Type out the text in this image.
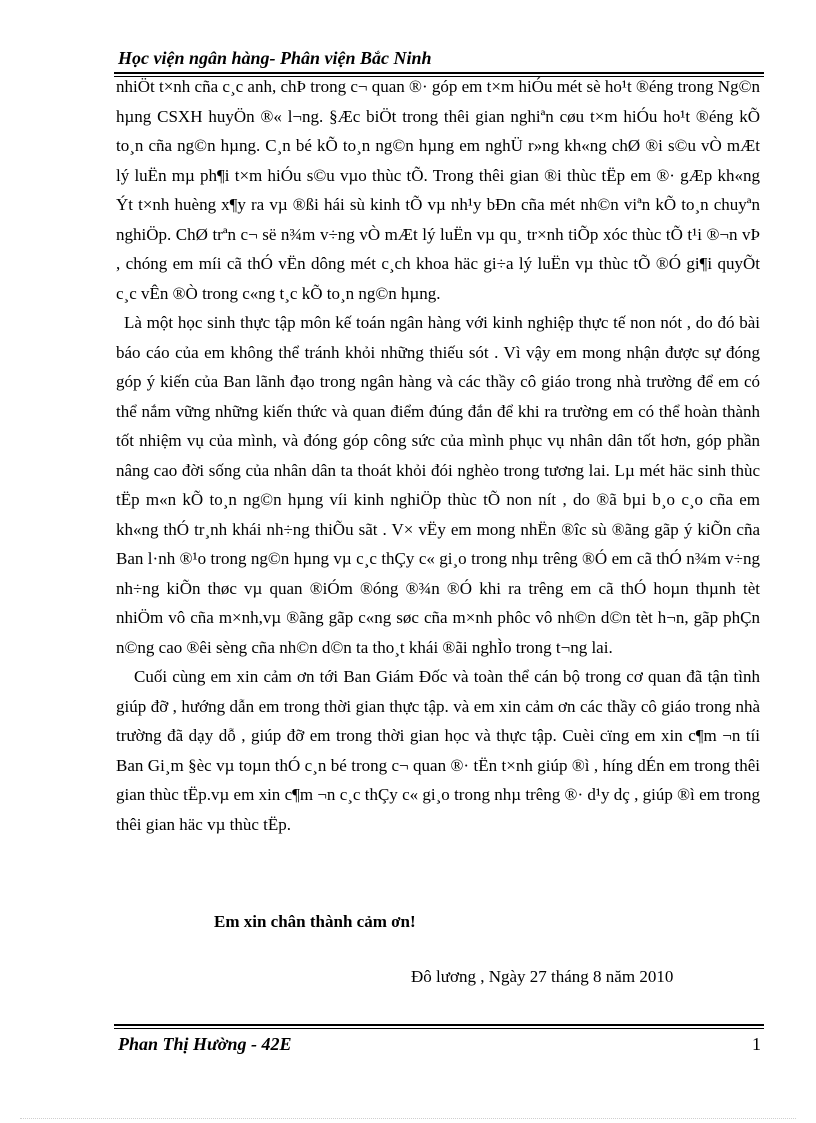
Học viện ngân hàng- Phân viện Bắc Ninh

nhiÖt t×nh cña c¸c anh, chÞ trong c¬ quan ®· góp em t×m hiÓu mét sè ho¹t ®éng trong Ng©n hµng CSXH huyÖn ®« l¬ng. §Æc biÖt trong thêi gian nghiªn cøu t×m hiÓu ho¹t ®éng kÕ to¸n cña ng©n hµng. C¸n bé kÕ to¸n ng©n hµng em nghÜ r»ng kh«ng chØ ®i s©u vÒ mÆt lý luËn mµ ph¶i t×m hiÓu s©u vµo thùc tÕ. Trong thêi gian ®i thùc tËp em ®· gÆp kh«ng Ýt t×nh huèng x¶y ra vµ ®ßi hái sù kinh tÕ vµ nh¹y bÐn cña mét nh©n viªn kÕ to¸n chuyªn nghiÖp. ChØ trªn c¬ së n¾m v÷ng vÒ mÆt lý luËn vµ qu¸ tr×nh tiÕp xóc thùc tÕ t¹i ®¬n vÞ , chóng em míi cã thÓ vËn dông mét c¸ch khoa häc gi÷a lý luËn vµ thùc tÕ ®Ó gi¶i quyÕt c¸c vÊn ®Ò trong c«ng t¸c kÕ to¸n ng©n hµng.

Là một học sinh thực tập môn kế toán ngân hàng với kinh nghiệp thực tế non nót , do đó bài báo cáo của em không thể tránh khỏi những thiếu sót . Vì vậy em mong nhận được sự đóng góp ý kiến của Ban lãnh đạo trong ngân hàng và các thầy cô giáo trong nhà trường để em có thể nắm vững những kiến thức và quan điểm đúng đắn để khi ra trường em có thể hoàn thành tốt nhiệm vụ của mình, và đóng góp công sức của mình phục vụ nhân dân tốt hơn, góp phần nâng cao đời sống của nhân dân ta thoát khỏi đói nghèo trong tương lai. Lµ mét häc sinh thùc tËp m«n kÕ to¸n ng©n hµng víi kinh nghiÖp thùc tÕ non nít , do ®ã bµi b¸o c¸o cña em kh«ng thÓ tr¸nh khái nh÷ng thiÕu sãt . V× vËy em mong nhËn ®îc sù ®ãng gãp ý kiÕn cña Ban l·nh ®¹o trong ng©n hµng vµ c¸c thÇy c« gi¸o trong nhµ trêng ®Ó em cã thÓ n¾m v÷ng nh÷ng kiÕn thøc vµ quan ®iÓm ®óng ®¾n ®Ó khi ra trêng em cã thÓ hoµn thµnh tèt nhiÖm vô cña m×nh,vµ ®ãng gãp c«ng søc cña m×nh phôc vô nh©n d©n tèt h¬n, gãp phÇn n©ng cao ®êi sèng cña nh©n d©n ta tho¸t khái ®ãi nghÌo trong t¬ng lai.

Cuối cùng em xin cảm ơn tới Ban Giám Đốc và toàn thể cán bộ trong cơ quan đã tận tình giúp đỡ , hướng dẫn em trong thời gian thực tập. và em xin cảm ơn các thầy cô giáo trong nhà trường đã dạy dỗ , giúp đỡ em trong thời gian học và thực tập. Cuèi cïng em xin c¶m ¬n tíi Ban Gi¸m §èc vµ toµn thÓ c¸n bé trong c¬ quan ®· tËn t×nh giúp ®ì , híng dÉn em trong thêi gian thùc tËp.vµ em xin c¶m ¬n c¸c thÇy c« gi¸o trong nhµ trêng ®· d¹y dç , giúp ®ì em trong thêi gian häc vµ thùc tËp.

Em xin chân thành cảm ơn!
Đô lương , Ngày 27 tháng 8 năm 2010
Phan Thị Hường - 42E	1
